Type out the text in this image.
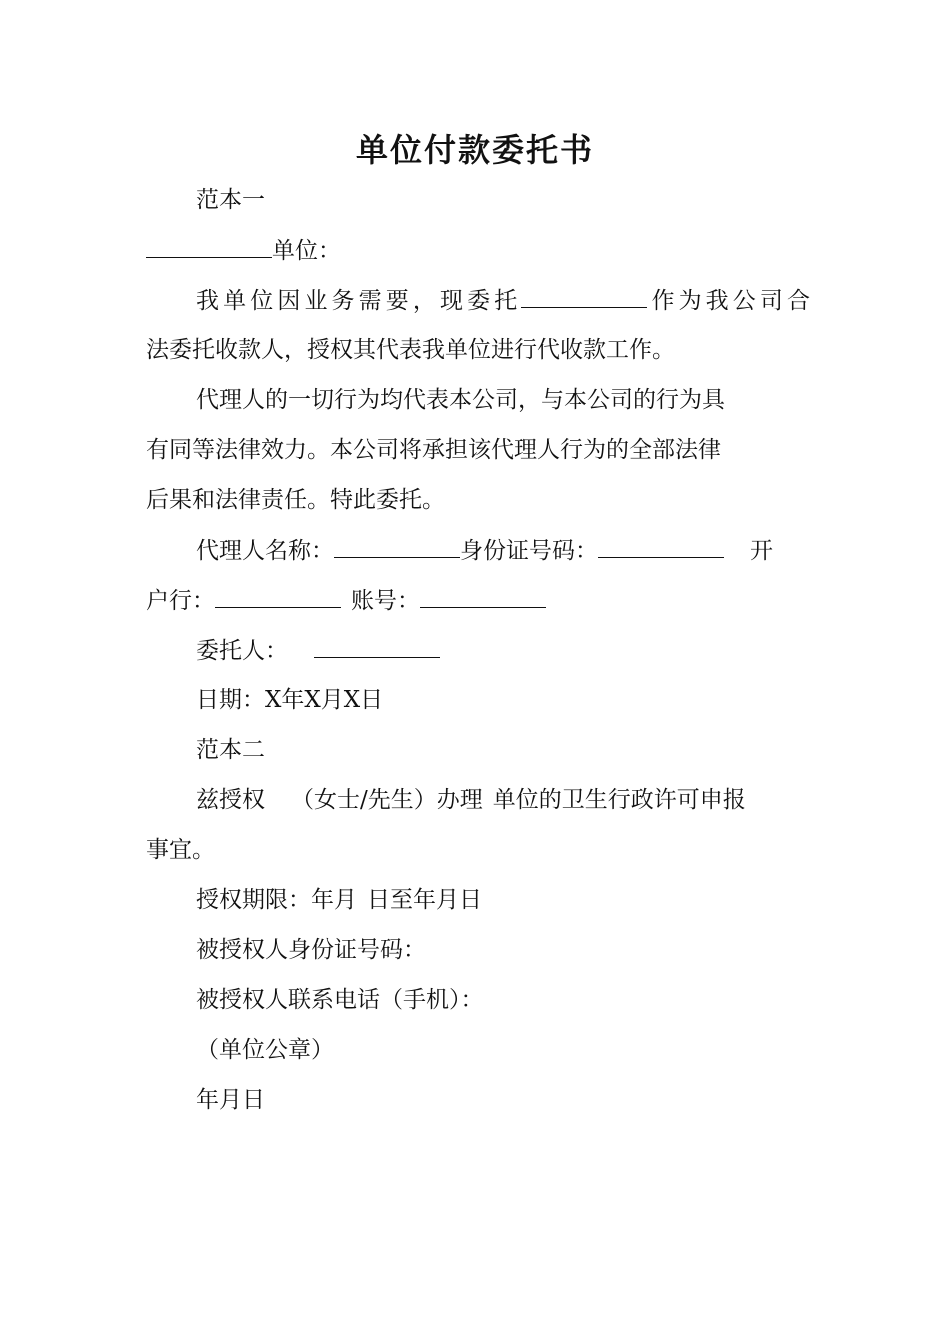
单位付款委托书

范本一

单位：

我单位因业务需要，现委托	作为我公司合

法委托收款人，授权其代表我单位进行代收款工作。

代理人的一切行为均代表本公司，与本公司的行为具

有同等法律效力。本公司将承担该代理人行为的全部法律

后果和法律责任。特此委托。

代理人名称：	身份证号码：	开

户行：	账号：

委托人：

日期：X年X月X日

范本二

兹授权 （女士/先生）办理 单位的卫生行政许可申报

事宜。

授权期限：年月 日至年月日

被授权人身份证号码：

被授权人联系电话（手机）：

（单位公章）

年月日
